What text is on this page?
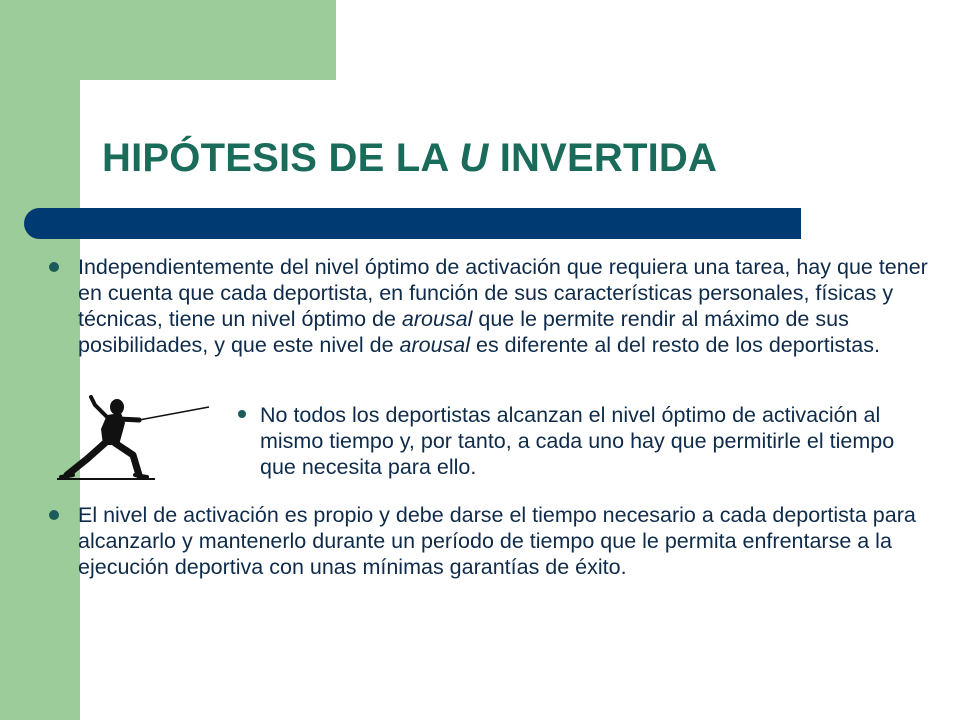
HIPÓTESIS DE LA U INVERTIDA
Independientemente del nivel óptimo de activación que requiera una tarea, hay que tener en cuenta que cada deportista, en función de sus características personales, físicas y técnicas, tiene un nivel óptimo de arousal que le permite rendir al máximo de sus posibilidades, y que este nivel de arousal es diferente al del resto de los deportistas.
No todos los deportistas alcanzan el nivel óptimo de activación al mismo tiempo y, por tanto, a cada uno hay que permitirle el tiempo que necesita para ello.
El nivel de activación es propio y debe darse el tiempo necesario a cada deportista para alcanzarlo y mantenerlo durante un período de tiempo que le permita enfrentarse a la ejecución deportiva con unas mínimas garantías de éxito.
